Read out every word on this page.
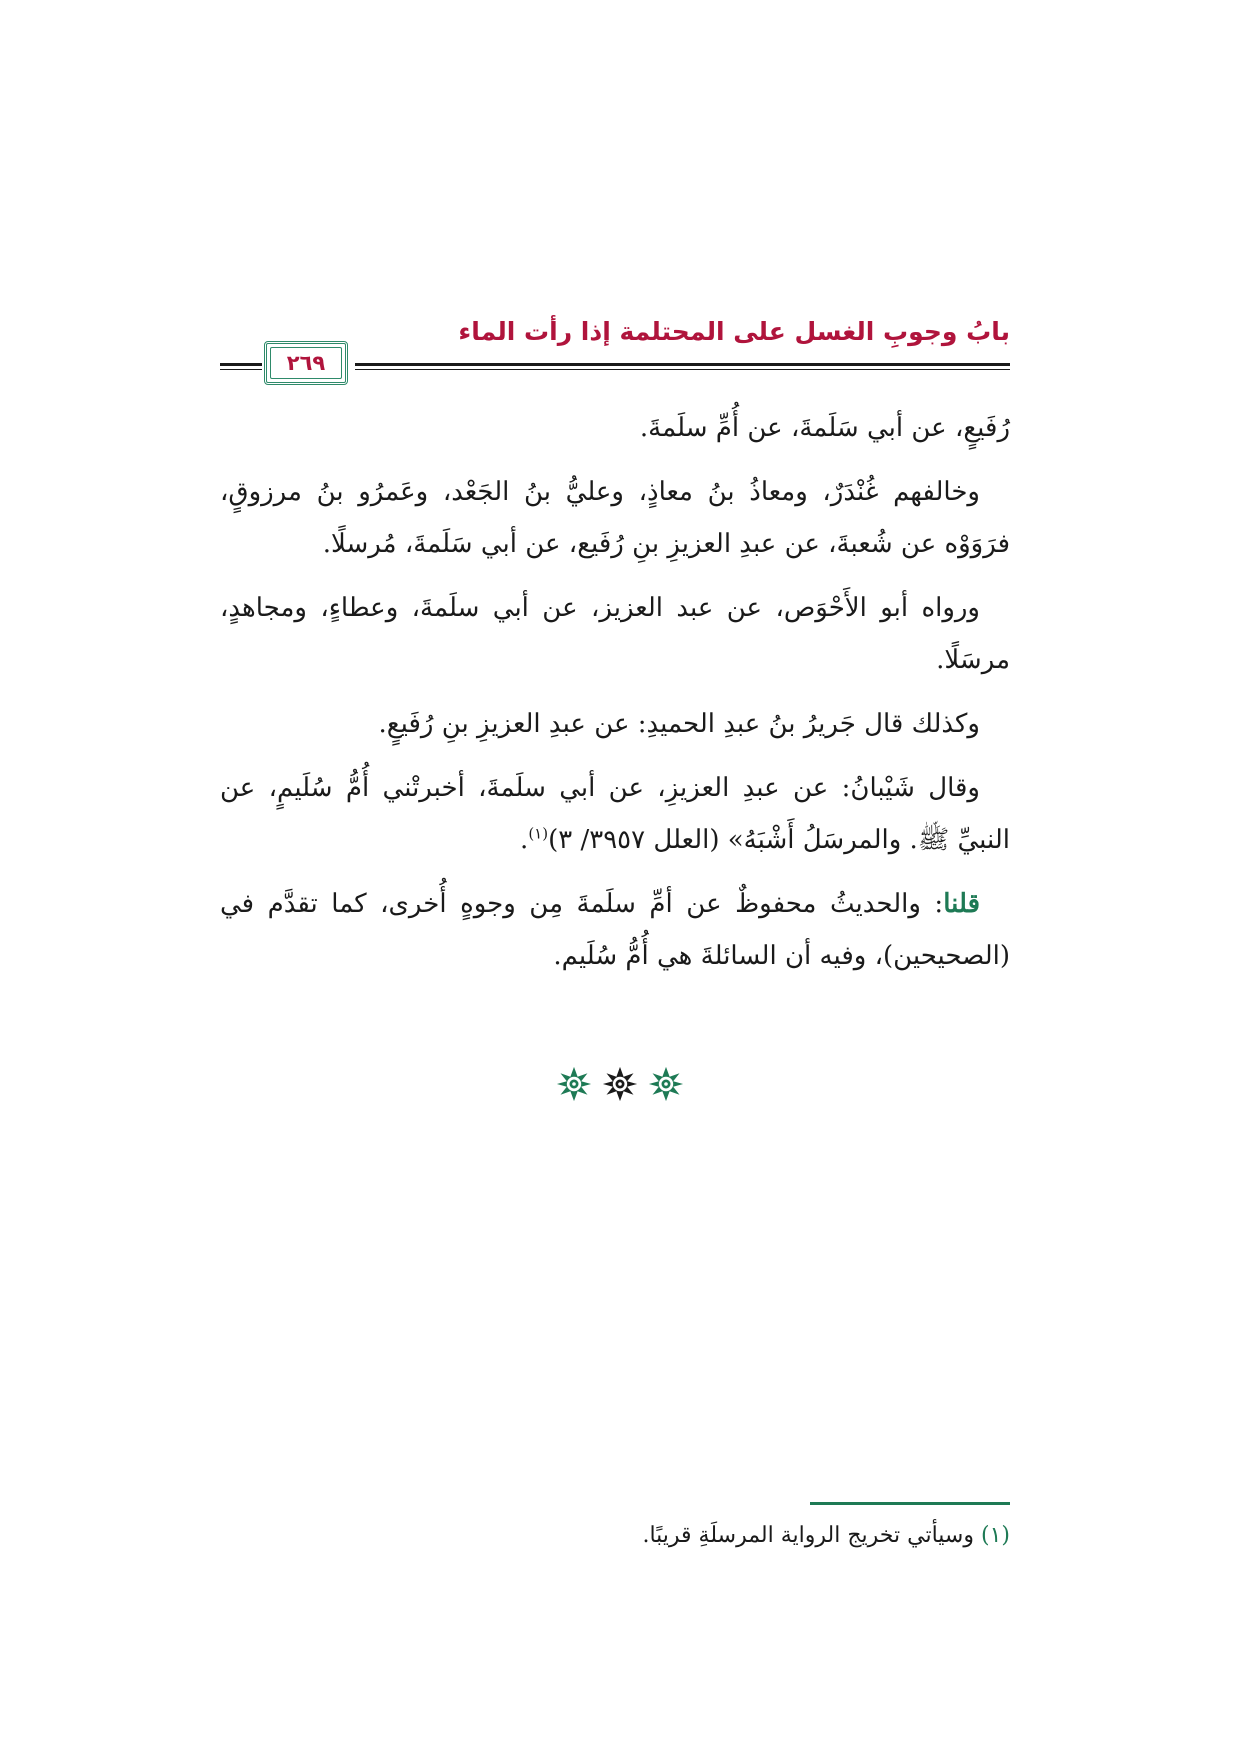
بابُ وجوبِ الغسل على المحتلمة إذا رأت الماء
٢٦٩

رُفَيعٍ، عن أبي سَلَمةَ، عن أُمِّ سلَمةَ.

وخالفهم غُنْدَرٌ، ومعاذُ بنُ معاذٍ، وعليُّ بنُ الجَعْد، وعَمرُو بنُ مرزوقٍ، فرَوَوْه عن شُعبةَ، عن عبدِ العزيزِ بنِ رُفَيع، عن أبي سَلَمةَ، مُرسلًا.

ورواه أبو الأَحْوَص، عن عبد العزيز، عن أبي سلَمةَ، وعطاءٍ، ومجاهدٍ، مرسَلًا.

وكذلك قال جَريرُ بنُ عبدِ الحميدِ: عن عبدِ العزيزِ بنِ رُفَيعٍ.

وقال شَيْبانُ: عن عبدِ العزيزِ، عن أبي سلَمةَ، أخبرتْني أُمُّ سُلَيمٍ، عن النبيِّ ﷺ. والمرسَلُ أَشْبَهُ» (العلل ٣٩٥٧/ ٣)$^{(١)}$.

قلنا: والحديثُ محفوظٌ عن أمِّ سلَمةَ مِن وجوهٍ أُخرى، كما تقدَّم في (الصحيحين)، وفيه أن السائلةَ هي أُمُّ سُلَيم.

(١) وسيأتي تخريج الرواية المرسلَةِ قريبًا.
